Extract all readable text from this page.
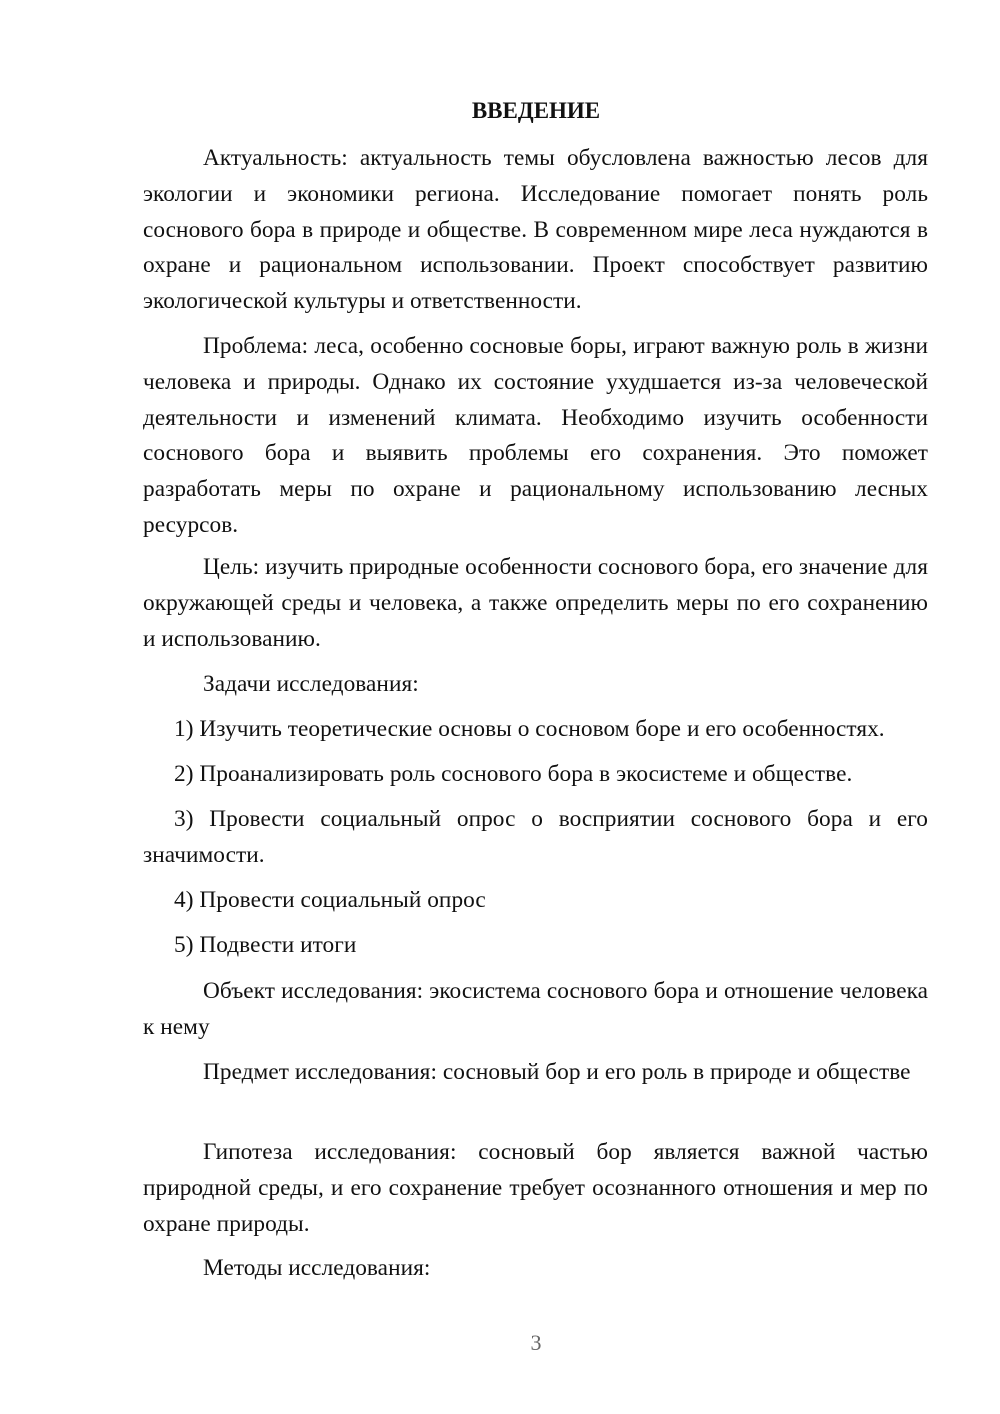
ВВЕДЕНИЕ

Актуальность: актуальность темы обусловлена важностью лесов для экологии и экономики региона. Исследование помогает понять роль соснового бора в природе и обществе. В современном мире леса нуждаются в охране и рациональном использовании. Проект способствует развитию экологической культуры и ответственности.

Проблема: леса, особенно сосновые боры, играют важную роль в жизни человека и природы. Однако их состояние ухудшается из-за человеческой деятельности и изменений климата. Необходимо изучить особенности соснового бора и выявить проблемы его сохранения. Это поможет разработать меры по охране и рациональному использованию лесных ресурсов.

Цель: изучить природные особенности соснового бора, его значение для окружающей среды и человека, а также определить меры по его сохранению и использованию.

Задачи исследования:

1) Изучить теоретические основы о сосновом боре и его особенностях.

2) Проанализировать роль соснового бора в экосистеме и обществе.

3) Провести социальный опрос о восприятии соснового бора и его значимости.

4) Провести социальный опрос

5) Подвести итоги

Объект исследования: экосистема соснового бора и отношение человека к нему

Предмет исследования: сосновый бор и его роль в природе и обществе

Гипотеза исследования: сосновый бор является важной частью природной среды, и его сохранение требует осознанного отношения и мер по охране природы.

Методы исследования:

3
